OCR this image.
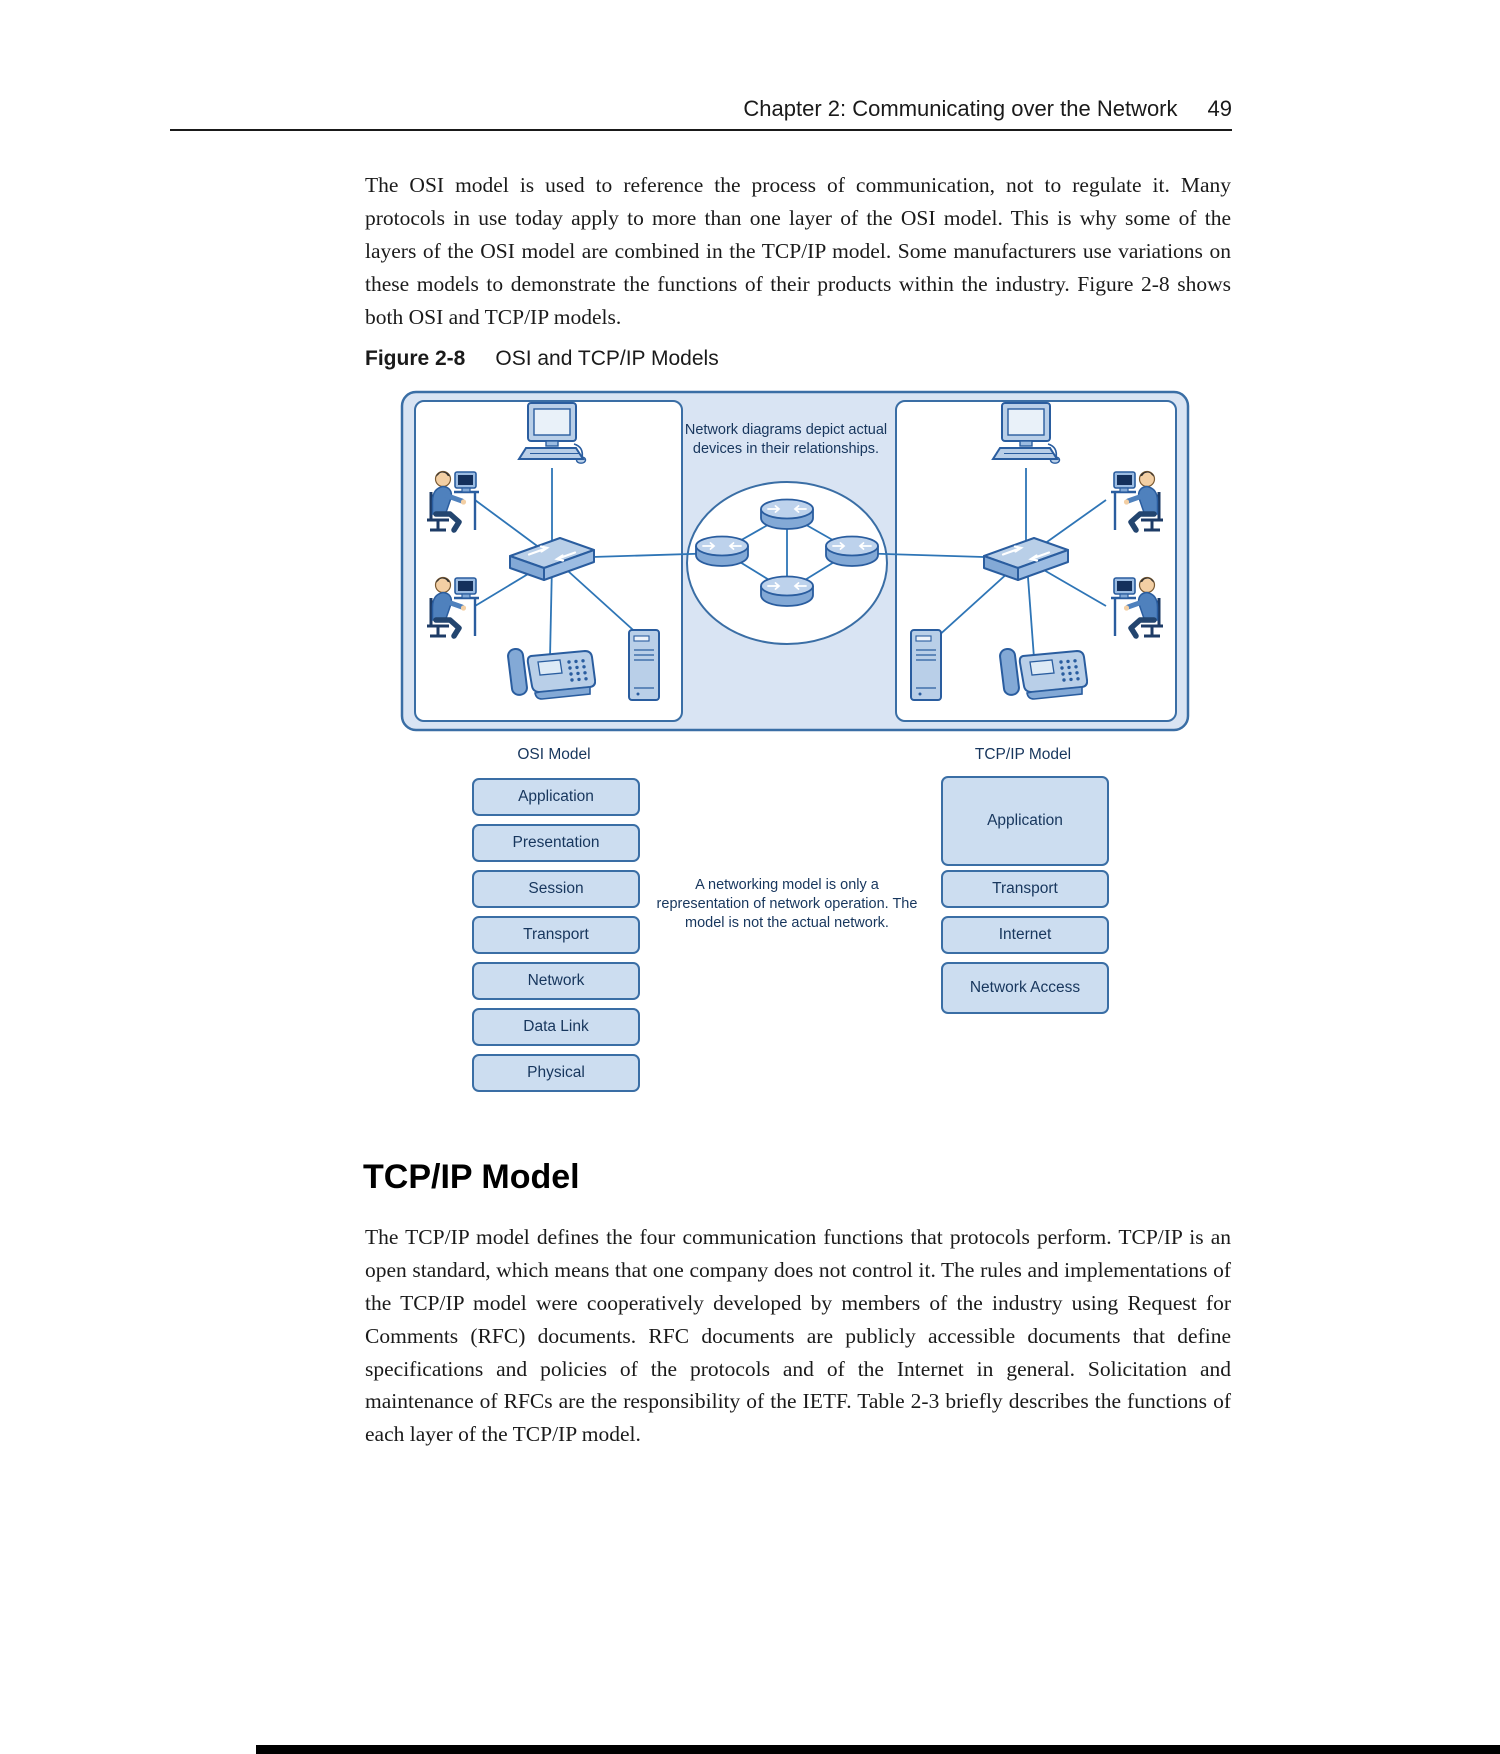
Chapter 2: Communicating over the Network 49

The OSI model is used to reference the process of communication, not to regulate it. Many protocols in use today apply to more than one layer of the OSI model. This is why some of the layers of the OSI model are combined in the TCP/IP model. Some manufacturers use variations on these models to demonstrate the functions of their products within the industry. Figure 2-8 shows both OSI and TCP/IP models.

Figure 2-8 OSI and TCP/IP Models

Network diagrams depict actual devices in their relationships.
OSI Model	TCP/IP Model
Application
Presentation
Session
Transport
Network
Data Link
Physical
Application
Transport
Internet
Network Access
A networking model is only a representation of network operation. The model is not the actual network.
TCP/IP Model

The TCP/IP model defines the four communication functions that protocols perform. TCP/IP is an open standard, which means that one company does not control it. The rules and implementations of the TCP/IP model were cooperatively developed by members of the industry using Request for Comments (RFC) documents. RFC documents are publicly accessible documents that define specifications and policies of the protocols and of the Internet in general. Solicitation and maintenance of RFCs are the responsibility of the IETF. Table 2-3 briefly describes the functions of each layer of the TCP/IP model.
